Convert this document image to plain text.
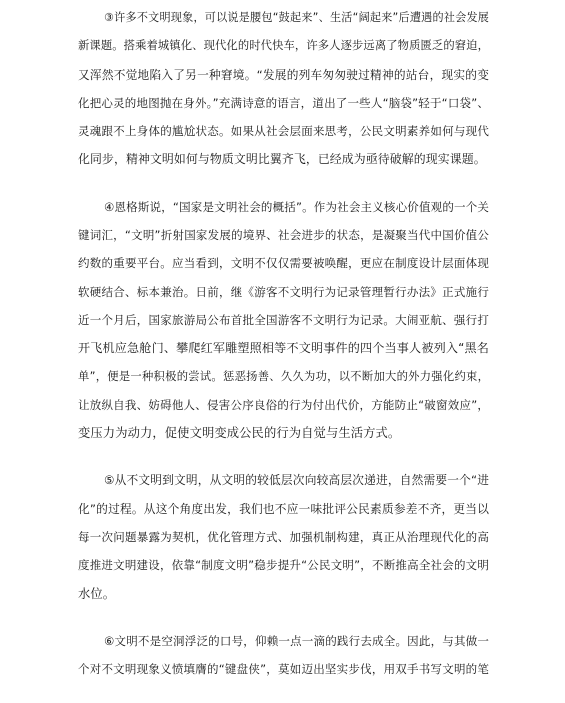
③许多不文明现象，可以说是腰包“鼓起来”、生活“阔起来”后遭遇的社会发展
新课题。搭乘着城镇化、现代化的时代快车，许多人逐步远离了物质匮乏的窘迫，
又浑然不觉地陷入了另一种窘境。“发展的列车匆匆驶过精神的站台，现实的变
化把心灵的地图抛在身外。”充满诗意的语言，道出了一些人“脑袋”轻于“口袋”、
灵魂跟不上身体的尴尬状态。如果从社会层面来思考，公民文明素养如何与现代
化同步，精神文明如何与物质文明比翼齐飞，已经成为亟待破解的现实课题。
④恩格斯说，“国家是文明社会的概括”。作为社会主义核心价值观的一个关
键词汇，“文明”折射国家发展的境界、社会进步的状态，是凝聚当代中国价值公
约数的重要平台。应当看到，文明不仅仅需要被唤醒，更应在制度设计层面体现
软硬结合、标本兼治。日前，继《游客不文明行为记录管理暂行办法》正式施行
近一个月后，国家旅游局公布首批全国游客不文明行为记录。大闹亚航、强行打
开飞机应急舱门、攀爬红军雕塑照相等不文明事件的四个当事人被列入“黑名
单”，便是一种积极的尝试。惩恶扬善、久久为功，以不断加大的外力强化约束，
让放纵自我、妨碍他人、侵害公序良俗的行为付出代价，方能防止“破窗效应”，
变压力为动力，促使文明变成公民的行为自觉与生活方式。
⑤从不文明到文明，从文明的较低层次向较高层次递进，自然需要一个“进
化”的过程。从这个角度出发，我们也不应一味批评公民素质参差不齐，更当以
每一次问题暴露为契机，优化管理方式、加强机制构建，真正从治理现代化的高
度推进文明建设，依靠“制度文明”稳步提升“公民文明”，不断推高全社会的文明
水位。
⑥文明不是空洞浮泛的口号，仰赖一点一滴的践行去成全。因此，与其做一
个对不文明现象义愤填膺的“键盘侠”，莫如迈出坚实步伐，用双手书写文明的笔
